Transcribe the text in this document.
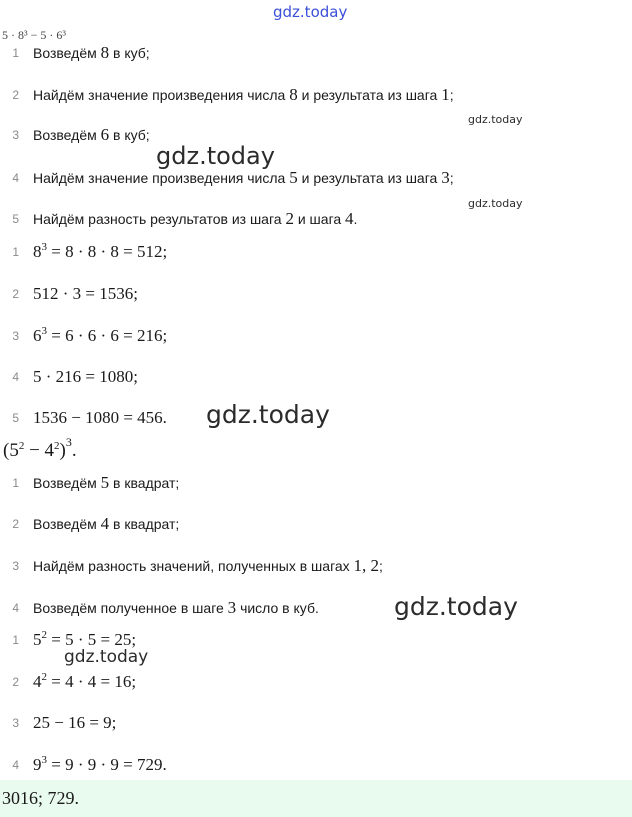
gdz.today
5 · 8³ − 5 · 6³
1 Возведём 8 в куб;
2 Найдём значение произведения числа 8 и результата из шага 1;
3 Возведём 6 в куб;
4 Найдём значение произведения числа 5 и результата из шага 3;
5 Найдём разность результатов из шага 2 и шага 4.
1 $8^3 = 8 \cdot 8 \cdot 8 = 512$;
2 512 · 3 = 1536;
3 $6^3 = 6 \cdot 6 \cdot 6 = 216$;
4 5 · 216 = 1080;
5 1536 − 1080 = 456.
$(5^2 - 4^2)^3$.
1 Возведём 5 в квадрат;
2 Возведём 4 в квадрат;
3 Найдём разность значений, полученных в шагах 1, 2;
4 Возведём полученное в шаге 3 число в куб.
1 $5^2 = 5 \cdot 5 = 25$;
2 $4^2 = 4 \cdot 4 = 16$;
3 25 − 16 = 9;
4 $9^3 = 9 \cdot 9 \cdot 9 = 729$.
3016; 729.
gdz.today
gdz.today
gdz.today
gdz.today
gdz.today
gdz.today
